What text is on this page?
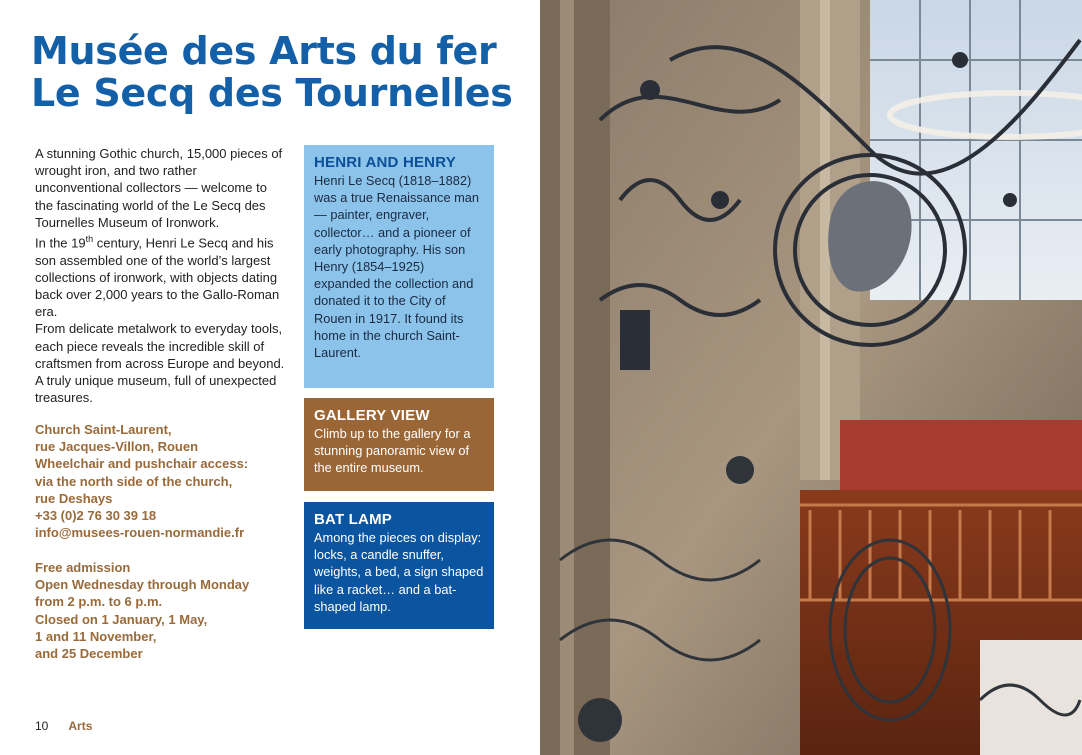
Musée des Arts du fer
Le Secq des Tournelles

A stunning Gothic church, 15,000 pieces of wrought iron, and two rather unconventional collectors — welcome to the fascinating world of the Le Secq des Tournelles Museum of Ironwork.

In the 19th century, Henri Le Secq and his son assembled one of the world’s largest collections of ironwork, with objects dating back over 2,000 years to the Gallo-Roman era.

From delicate metalwork to everyday tools, each piece reveals the incredible skill of craftsmen from across Europe and beyond. A truly unique museum, full of unexpected treasures.

Church Saint-Laurent,
rue Jacques-Villon, Rouen
Wheelchair and pushchair access:
via the north side of the church,
rue Deshays
+33 (0)2 76 30 39 18
info@musees-rouen-normandie.fr
Free admission
Open Wednesday through Monday
from 2 p.m. to 6 p.m.
Closed on 1 January, 1 May,
1 and 11 November,
and 25 December
HENRI AND HENRY

Henri Le Secq (1818–1882) was a true Renaissance man — painter, engraver, collector… and a pioneer of early photography. His son Henry (1854–1925) expanded the collection and donated it to the City of Rouen in 1917. It found its home in the church Saint-Laurent.

GALLERY VIEW

Climb up to the gallery for a stunning panoramic view of the entire museum.

BAT LAMP

Among the pieces on display: locks, a candle snuffer, weights, a bed, a sign shaped like a racket… and a bat-shaped lamp.

10 Arts
